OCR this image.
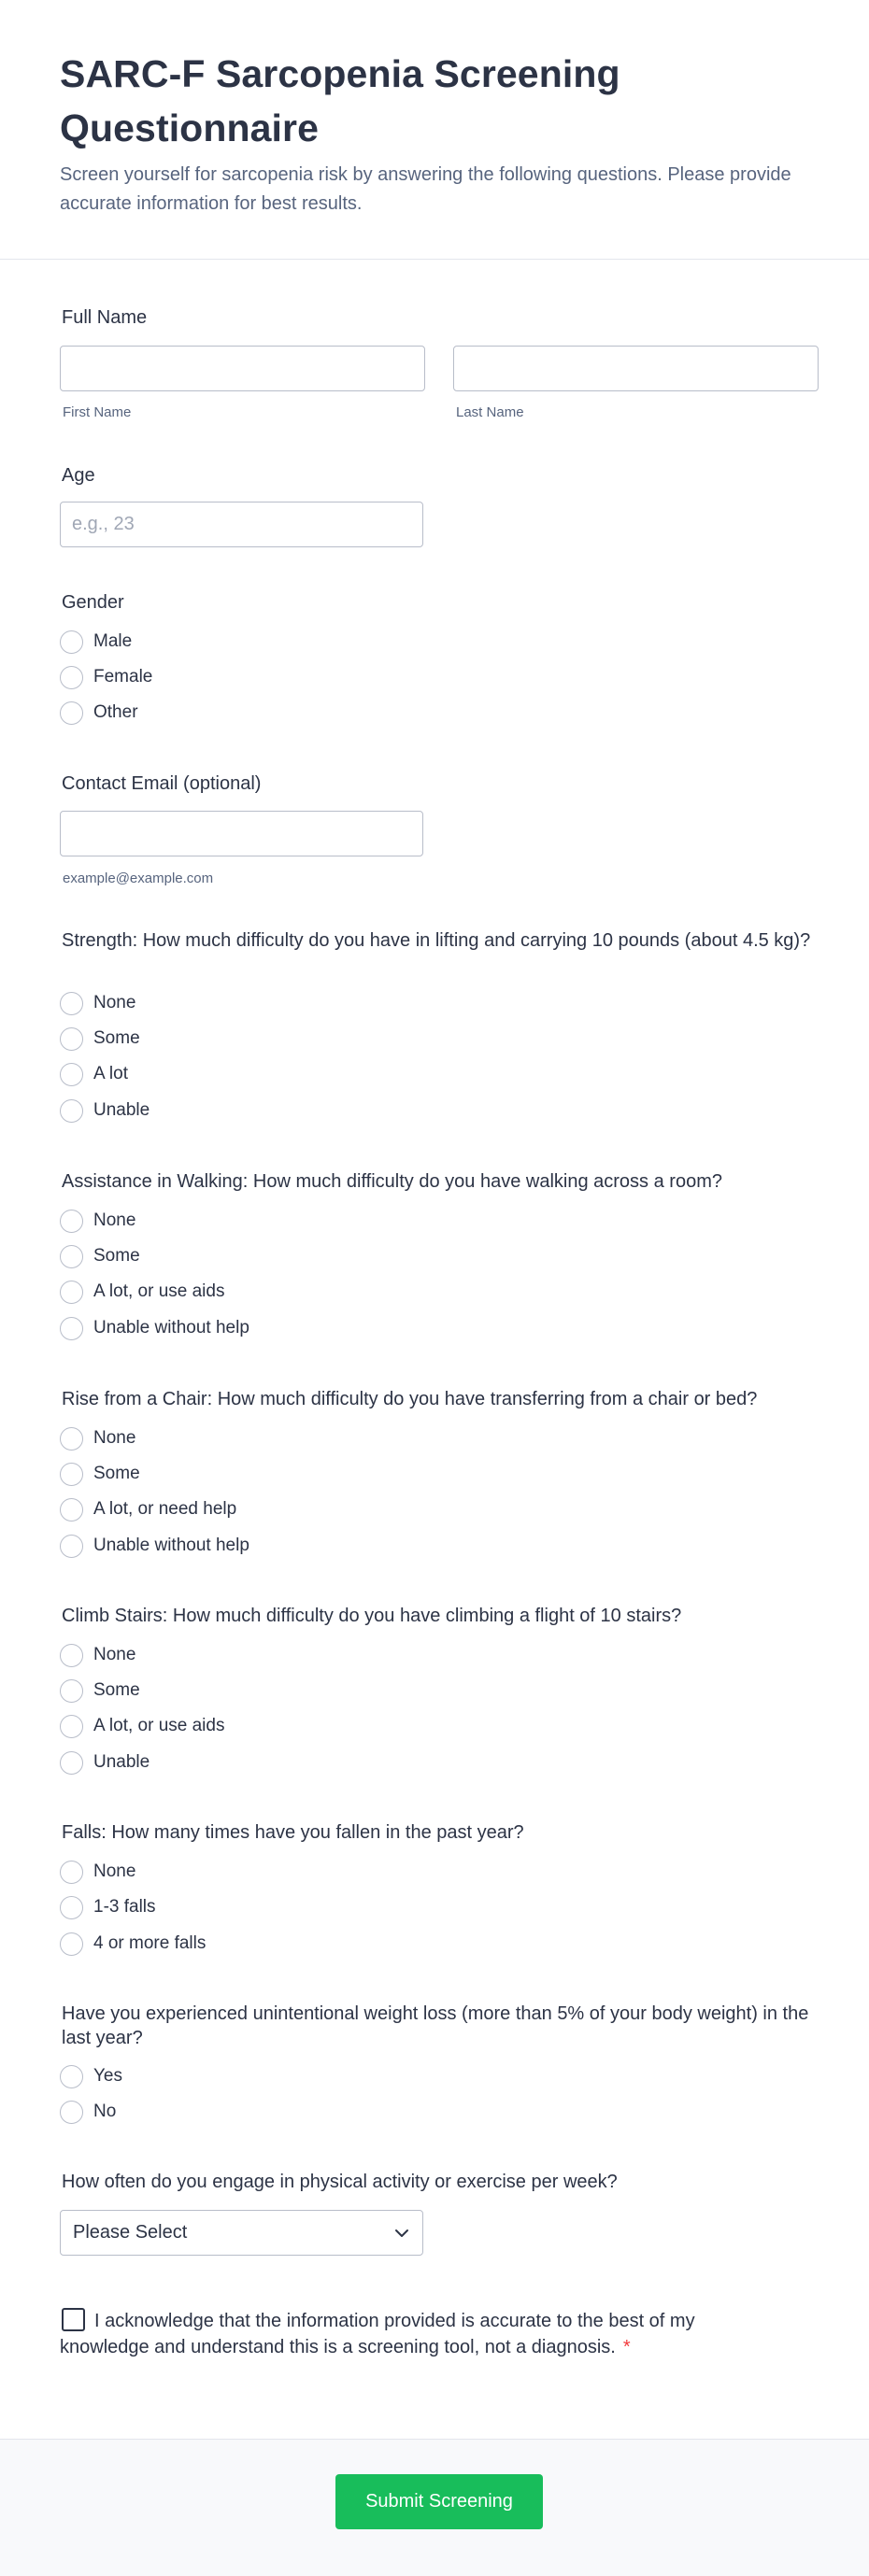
SARC-F Sarcopenia Screening Questionnaire

Screen yourself for sarcopenia risk by answering the following questions. Please provide accurate information for best results.

Full Name
First Name	Last Name
Age
e.g., 23
Gender
Male
Female
Other
Contact Email (optional)
example@example.com
Strength: How much difficulty do you have in lifting and carrying 10 pounds (about 4.5 kg)?
None
Some
A lot
Unable
Assistance in Walking: How much difficulty do you have walking across a room?
None
Some
A lot, or use aids
Unable without help
Rise from a Chair: How much difficulty do you have transferring from a chair or bed?
None
Some
A lot, or need help
Unable without help
Climb Stairs: How much difficulty do you have climbing a flight of 10 stairs?
None
Some
A lot, or use aids
Unable
Falls: How many times have you fallen in the past year?
None
1-3 falls
4 or more falls
Have you experienced unintentional weight loss (more than 5% of your body weight) in the last year?
Yes
No
How often do you engage in physical activity or exercise per week?
Please Select
I acknowledge that the information provided is accurate to the best of my knowledge and understand this is a screening tool, not a diagnosis. *
Submit Screening
